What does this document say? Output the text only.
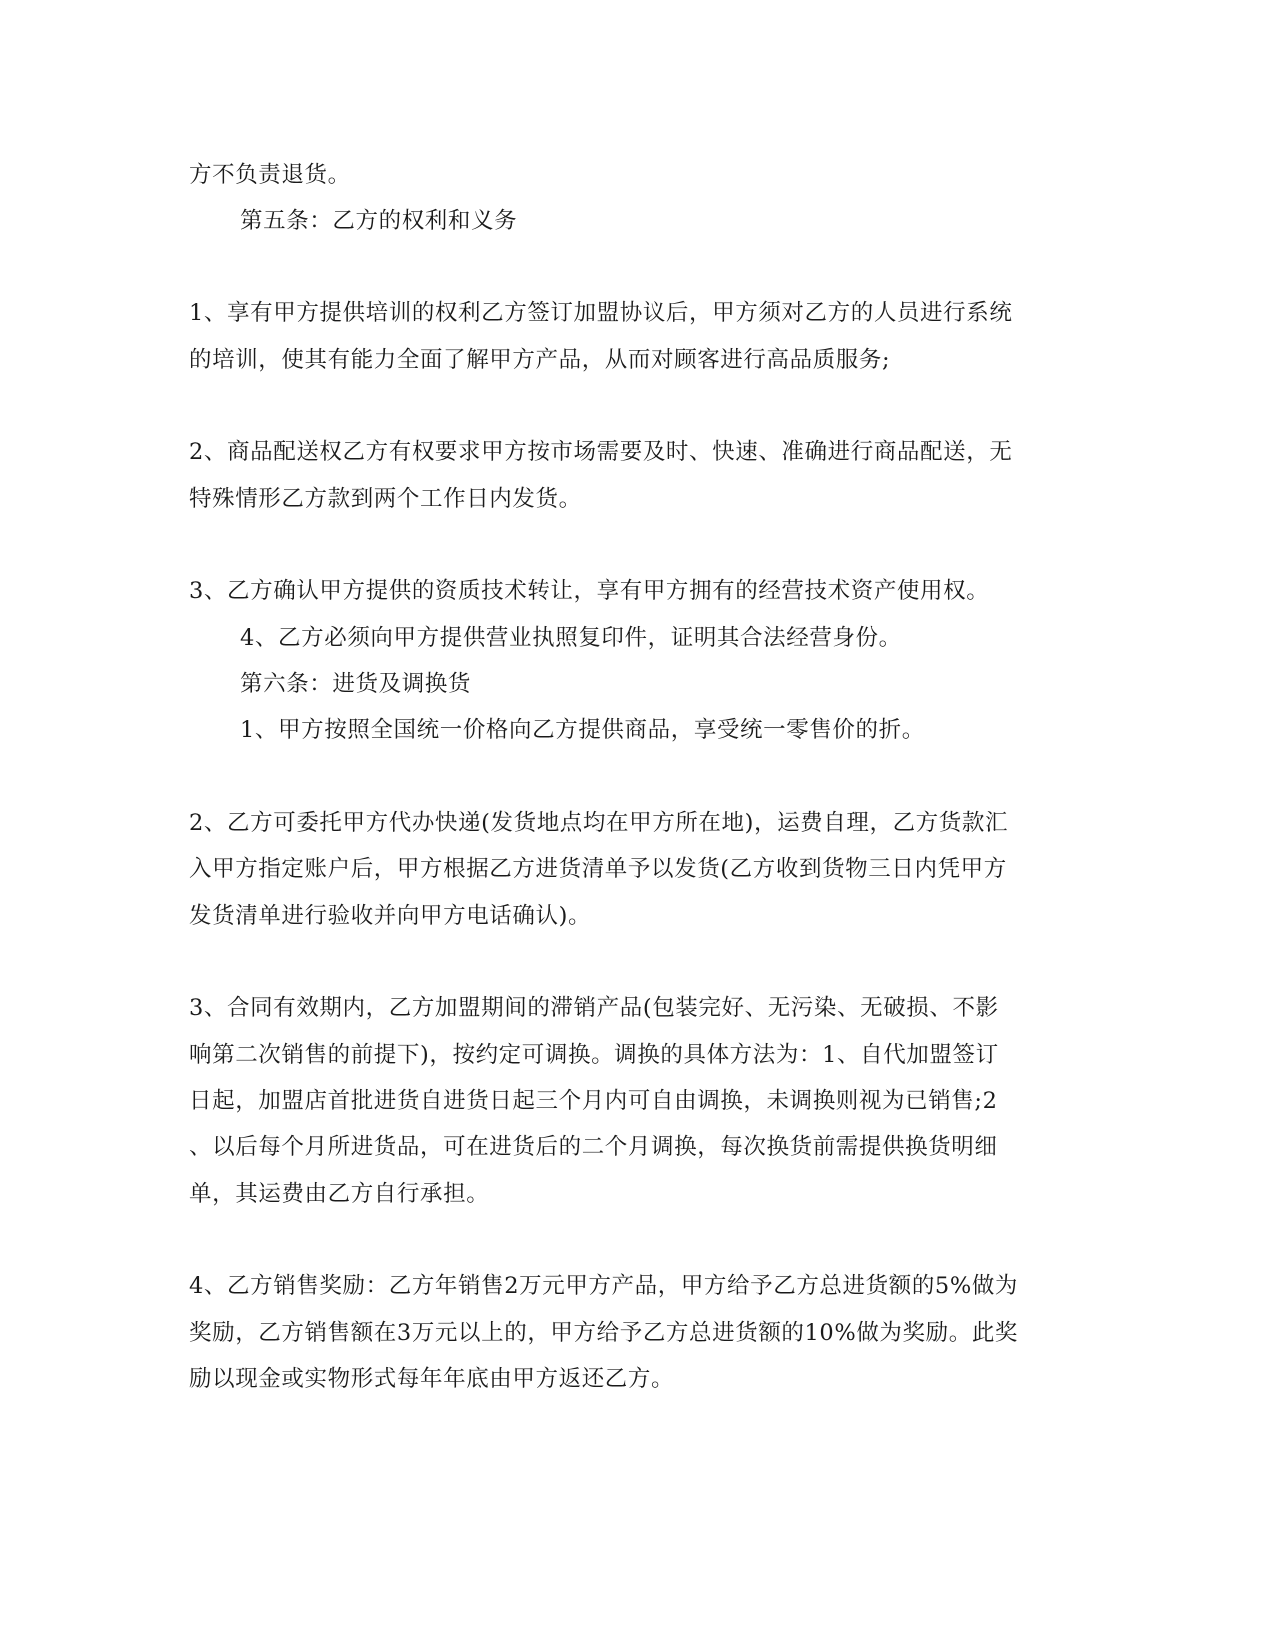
方不负责退货。
第五条：乙方的权利和义务
1、享有甲方提供培训的权利乙方签订加盟协议后，甲方须对乙方的人员进行系统
的培训，使其有能力全面了解甲方产品，从而对顾客进行高品质服务;
2、商品配送权乙方有权要求甲方按市场需要及时、快速、准确进行商品配送，无
特殊情形乙方款到两个工作日内发货。
3、乙方确认甲方提供的资质技术转让，享有甲方拥有的经营技术资产使用权。
4、乙方必须向甲方提供营业执照复印件，证明其合法经营身份。
第六条：进货及调换货
1、甲方按照全国统一价格向乙方提供商品，享受统一零售价的折。
2、乙方可委托甲方代办快递(发货地点均在甲方所在地)，运费自理，乙方货款汇
入甲方指定账户后，甲方根据乙方进货清单予以发货(乙方收到货物三日内凭甲方
发货清单进行验收并向甲方电话确认)。
3、合同有效期内，乙方加盟期间的滞销产品(包装完好、无污染、无破损、不影
响第二次销售的前提下)，按约定可调换。调换的具体方法为：1、自代加盟签订
日起，加盟店首批进货自进货日起三个月内可自由调换，未调换则视为已销售;2
、以后每个月所进货品，可在进货后的二个月调换，每次换货前需提供换货明细
单，其运费由乙方自行承担。
4、乙方销售奖励：乙方年销售2万元甲方产品，甲方给予乙方总进货额的5%做为
奖励，乙方销售额在3万元以上的，甲方给予乙方总进货额的10%做为奖励。此奖
励以现金或实物形式每年年底由甲方返还乙方。
